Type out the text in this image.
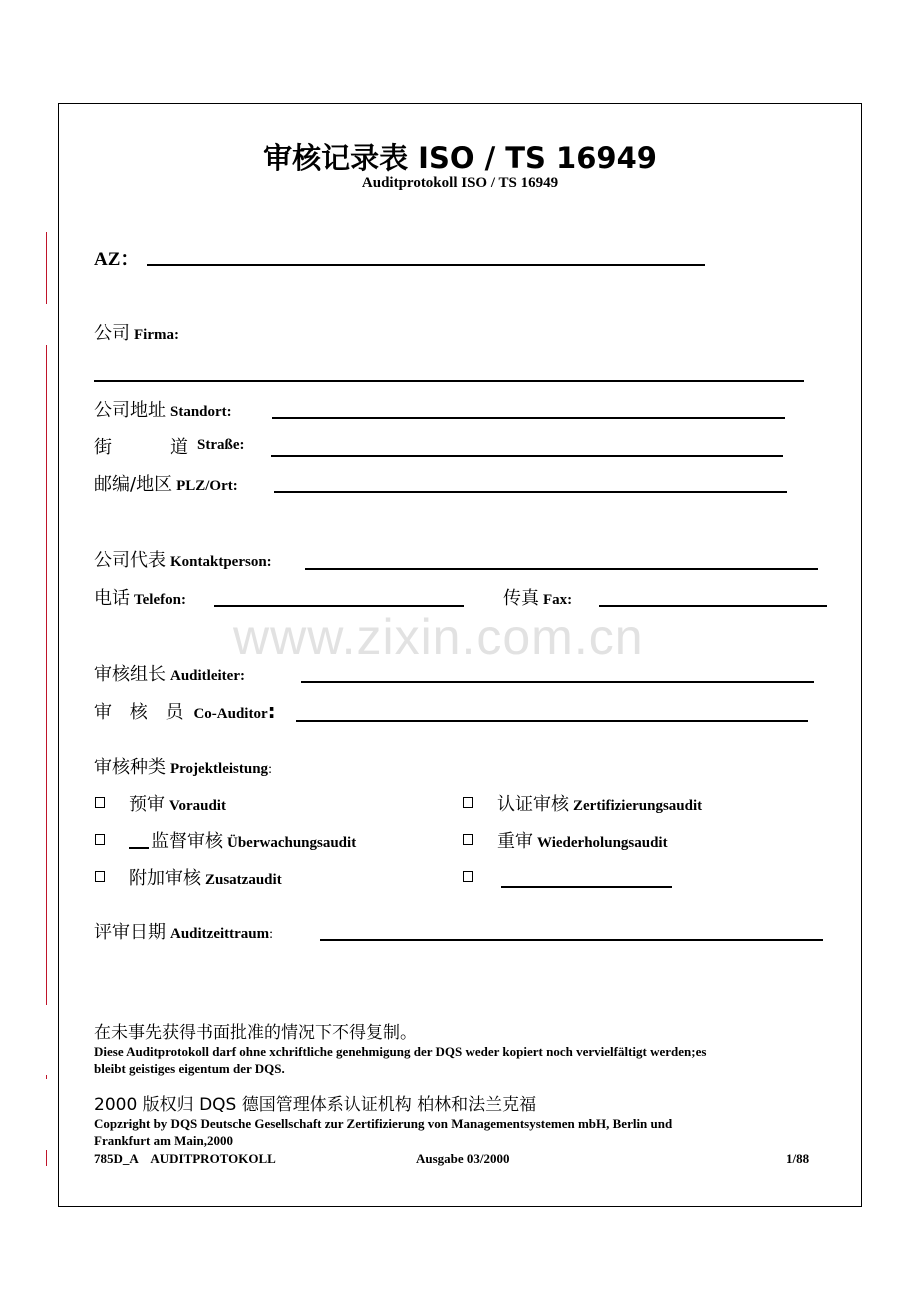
审核记录表 ISO / TS 16949
Auditprotokoll ISO / TS 16949
AZ：
公司 Firma:
公司地址 Standort:
街	道 Straße:
邮编/地区 PLZ/Ort:
公司代表 Kontaktperson:
电话 Telefon:	传真 Fax:
www.zixin.com.cn
审核组长 Auditleiter:
审 核 员 Co-Auditor:
审核种类 Projektleistung:
预审 Voraudit	认证审核 Zertifizierungsaudit
监督审核 Überwachungsaudit	重审 Wiederholungsaudit
附加审核 Zusatzaudit
评审日期 Auditzeittraum:
在未事先获得书面批准的情况下不得复制。
Diese Auditprotokoll darf ohne xchriftliche genehmigung der DQS weder kopiert noch vervielfältigt werden;es
bleibt geistiges eigentum der DQS.
2000 版权归 DQS 德国管理体系认证机构 柏林和法兰克福
Copzright by DQS Deutsche Gesellschaft zur Zertifizierung von Managementsystemen mbH, Berlin und
Frankfurt am Main,2000
785D_A    AUDITPROTOKOLL	Ausgabe 03/2000	1/88
